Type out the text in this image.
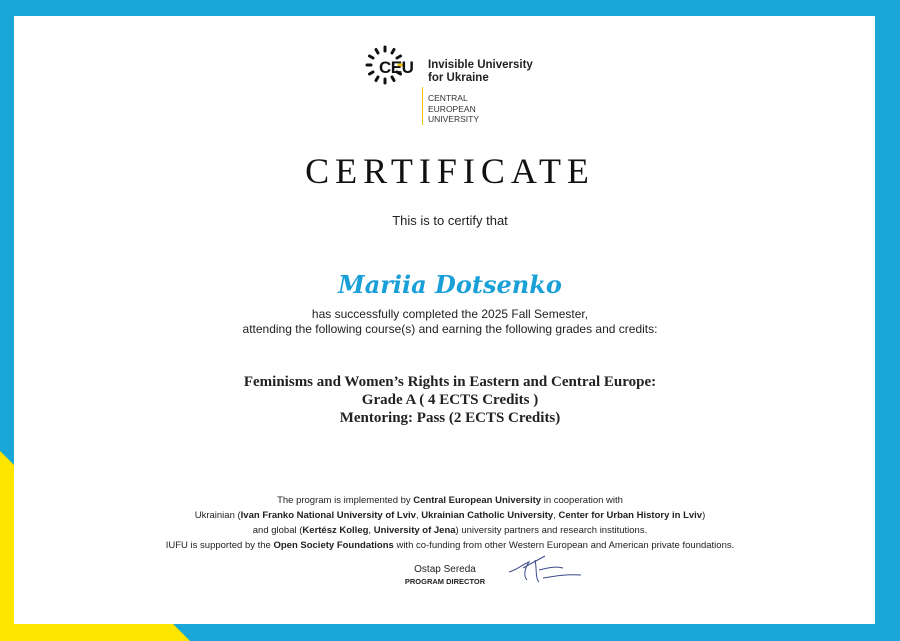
CEU Invisible University
for Ukraine
CENTRAL
EUROPEAN
UNIVERSITY
CERTIFICATE
This is to certify that
Mariia Dotsenko
has successfully completed the 2025 Fall Semester,
attending the following course(s) and earning the following grades and credits:
Feminisms and Women’s Rights in Eastern and Central Europe:
Grade A ( 4 ECTS Credits )
Mentoring: Pass (2 ECTS Credits)
The program is implemented by Central European University in cooperation with
Ukrainian (Ivan Franko National University of Lviv, Ukrainian Catholic University, Center for Urban History in Lviv)
and global (Kertész Kolleg, University of Jena) university partners and research institutions.
IUFU is supported by the Open Society Foundations with co-funding from other Western European and American private foundations.
Ostap Sereda
PROGRAM DIRECTOR
